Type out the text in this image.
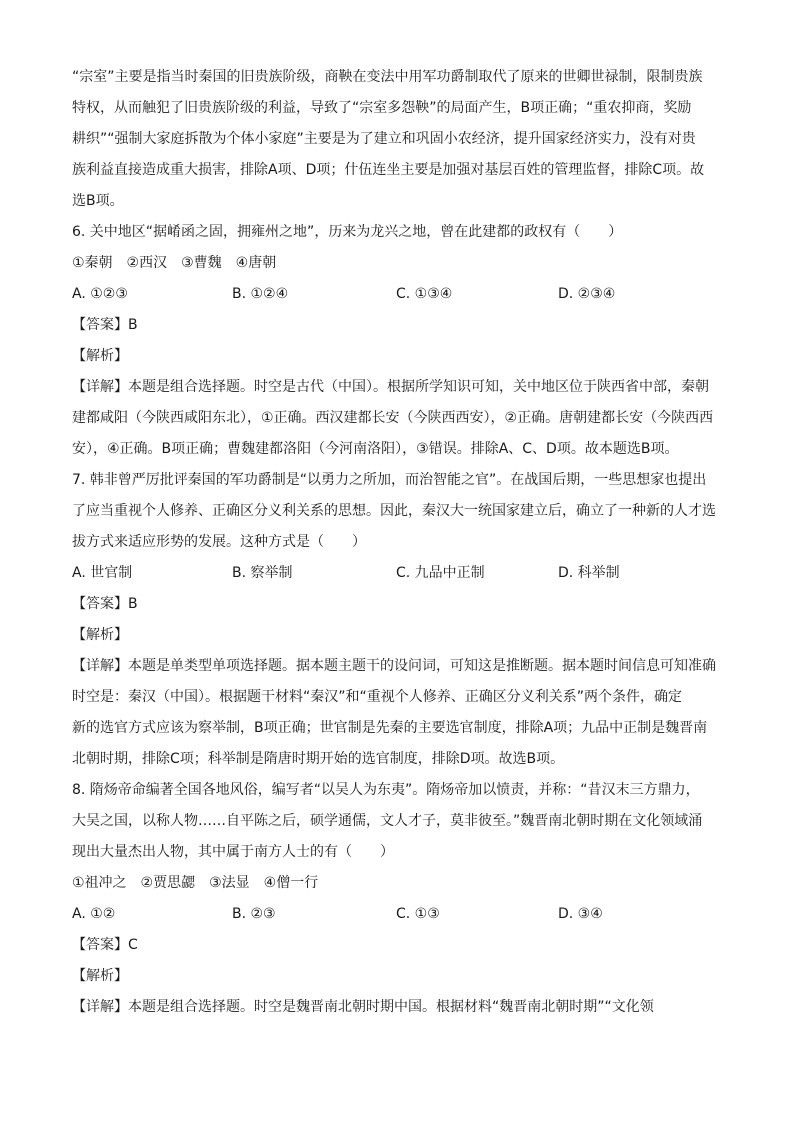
“宗室”主要是指当时秦国的旧贵族阶级，商鞅在变法中用军功爵制取代了原来的世卿世禄制，限制贵族

特权，从而触犯了旧贵族阶级的利益，导致了“宗室多怨鞅”的局面产生，B项正确；“重农抑商，奖励

耕织”“强制大家庭拆散为个体小家庭”主要是为了建立和巩固小农经济，提升国家经济实力，没有对贵

族利益直接造成重大损害，排除A项、D项；什伍连坐主要是加强对基层百姓的管理监督，排除C项。故

选B项。

6. 关中地区“据崤函之固，拥雍州之地”，历来为龙兴之地，曾在此建都的政权有（　　）

①秦朝　②西汉　③曹魏　④唐朝

A. ①②③	B. ①②④	C. ①③④	D. ②③④

【答案】B

【解析】

【详解】本题是组合选择题。时空是古代（中国）。根据所学知识可知，关中地区位于陕西省中部，秦朝

建都咸阳（今陕西咸阳东北），①正确。西汉建都长安（今陕西西安），②正确。唐朝建都长安（今陕西西

安），④正确。B项正确；曹魏建都洛阳（今河南洛阳），③错误。排除A、C、D项。故本题选B项。

7. 韩非曾严厉批评秦国的军功爵制是“以勇力之所加，而治智能之官”。在战国后期，一些思想家也提出

了应当重视个人修养、正确区分义利关系的思想。因此，秦汉大一统国家建立后，确立了一种新的人才选

拔方式来适应形势的发展。这种方式是（　　）

A. 世官制	B. 察举制	C. 九品中正制	D. 科举制

【答案】B

【解析】

【详解】本题是单类型单项选择题。据本题主题干的设问词，可知这是推断题。据本题时间信息可知准确

时空是：秦汉（中国）。根据题干材料“秦汉”和“重视个人修养、正确区分义利关系”两个条件，确定

新的选官方式应该为察举制，B项正确；世官制是先秦的主要选官制度，排除A项；九品中正制是魏晋南

北朝时期，排除C项；科举制是隋唐时期开始的选官制度，排除D项。故选B项。

8. 隋炀帝命编著全国各地风俗，编写者“以吴人为东夷”。隋炀帝加以愤责，并称：“昔汉末三方鼎力，

大吴之国，以称人物……自平陈之后，硕学通儒，文人才子，莫非彼至。”魏晋南北朝时期在文化领域涌

现出大量杰出人物，其中属于南方人士的有（　　）

①祖冲之　②贾思勰　③法显　④僧一行

A. ①②	B. ②③	C. ①③	D. ③④

【答案】C

【解析】

【详解】本题是组合选择题。时空是魏晋南北朝时期中国。根据材料“魏晋南北朝时期”“文化领
